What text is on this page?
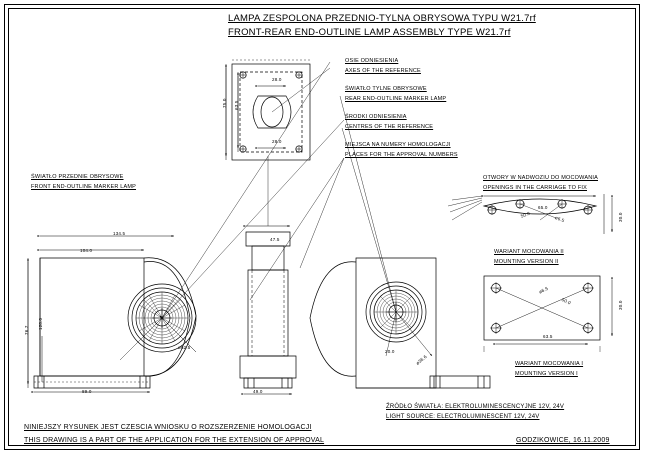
LAMPA ZESPOLONA PRZEDNIO-TYLNA OBRYSOWA TYPU W21.7rf
FRONT-REAR END-OUTLINE LAMP ASSEMBLY TYPE W21.7rf
OSIE ODNIESIENIA
AXES OF THE REFERENCE
ŚWIATŁO TYLNE OBRYSOWE
REAR END-OUTLINE MARKER LAMP
ŚRODKI ODNIESIENIA
CENTRES OF THE REFERENCE
MIEJSCA NA NUMERY HOMOLOGACJI
PLACES FOR THE APPROVAL NUMBERS
ŚWIATŁO PRZEDNIE OBRYSOWE
FRONT END-OUTLINE MARKER LAMP
OTWORY W NADWOZIU DO MOCOWANIA
OPENINGS IN THE CARRIAGE TO FIX
WARIANT MOCOWANIA II
MOUNTING VERSION II
WARIANT MOCOWANIA I
MOUNTING VERSION I
ŹRÓDŁO ŚWIATŁA: ELEKTROLUMINESCENCYJNE 12V, 24V
LIGHT SOURCE: ELECTROLUMINESCENT 12V, 24V
NINIEJSZY RYSUNEK JEST CZESCIA WNIOSKU O ROZSZERZENIE HOMOLOGACJI
THIS DRAWING IS A PART OF THE APPLICATION FOR THE EXTENSION OF APPROVAL	GODZIKOWICE, 16.11.2009
28.0
75.0 63.5
28.0
47.5
134.5
104.0
76.7
128.0
89.0
ø62.5
49.0
ø36.6
20.0
65.0
50.0
ø6.5	30.0
ø6.5
50.0
63.5
30.0
